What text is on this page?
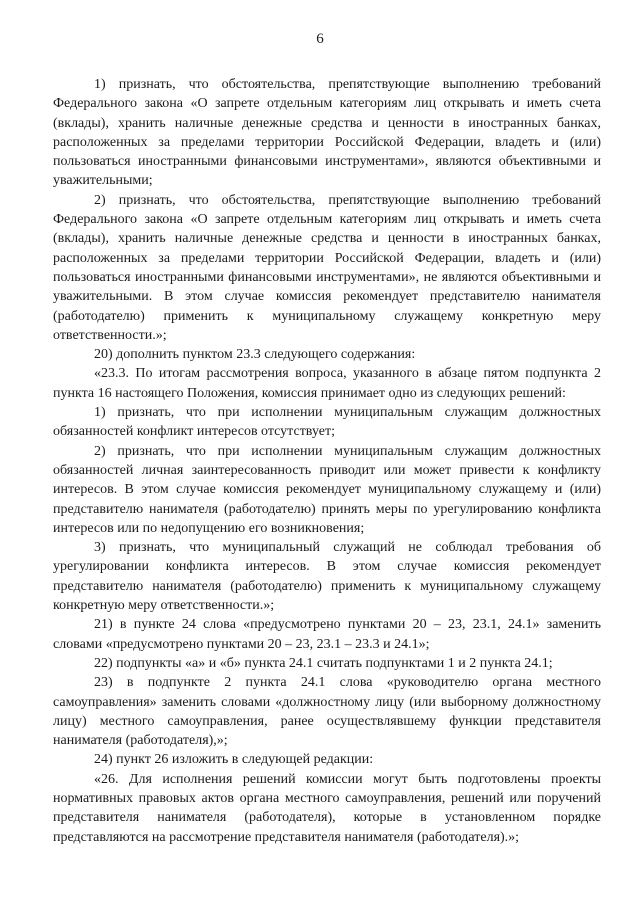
6

1) признать, что обстоятельства, препятствующие выполнению требований Федерального закона «О запрете отдельным категориям лиц открывать и иметь счета (вклады), хранить наличные денежные средства и ценности в иностранных банках, расположенных за пределами территории Российской Федерации, владеть и (или) пользоваться иностранными финансовыми инструментами», являются объективными и уважительными;

2) признать, что обстоятельства, препятствующие выполнению требований Федерального закона «О запрете отдельным категориям лиц открывать и иметь счета (вклады), хранить наличные денежные средства и ценности в иностранных банках, расположенных за пределами территории Российской Федерации, владеть и (или) пользоваться иностранными финансовыми инструментами», не являются объективными и уважительными. В этом случае комиссия рекомендует представителю нанимателя (работодателю) применить к муниципальному служащему конкретную меру ответственности.»;

20) дополнить пунктом 23.3 следующего содержания:

«23.3. По итогам рассмотрения вопроса, указанного в абзаце пятом подпункта 2 пункта 16 настоящего Положения, комиссия принимает одно из следующих решений:

1) признать, что при исполнении муниципальным служащим должностных обязанностей конфликт интересов отсутствует;

2) признать, что при исполнении муниципальным служащим должностных обязанностей личная заинтересованность приводит или может привести к конфликту интересов. В этом случае комиссия рекомендует муниципальному служащему и (или) представителю нанимателя (работодателю) принять меры по урегулированию конфликта интересов или по недопущению его возникновения;

3) признать, что муниципальный служащий не соблюдал требования об урегулировании конфликта интересов. В этом случае комиссия рекомендует представителю нанимателя (работодателю) применить к муниципальному служащему конкретную меру ответственности.»;

21) в пункте 24 слова «предусмотрено пунктами 20 – 23, 23.1, 24.1» заменить словами «предусмотрено пунктами 20 – 23, 23.1 – 23.3 и 24.1»;

22) подпункты «а» и «б» пункта 24.1 считать подпунктами 1 и 2 пункта 24.1;

23) в подпункте 2 пункта 24.1 слова «руководителю органа местного самоуправления» заменить словами «должностному лицу (или выборному должностному лицу) местного самоуправления, ранее осуществлявшему функции представителя нанимателя (работодателя),»;

24) пункт 26 изложить в следующей редакции:

«26. Для исполнения решений комиссии могут быть подготовлены проекты нормативных правовых актов органа местного самоуправления, решений или поручений представителя нанимателя (работодателя), которые в установленном порядке представляются на рассмотрение представителя нанимателя (работодателя).»;
